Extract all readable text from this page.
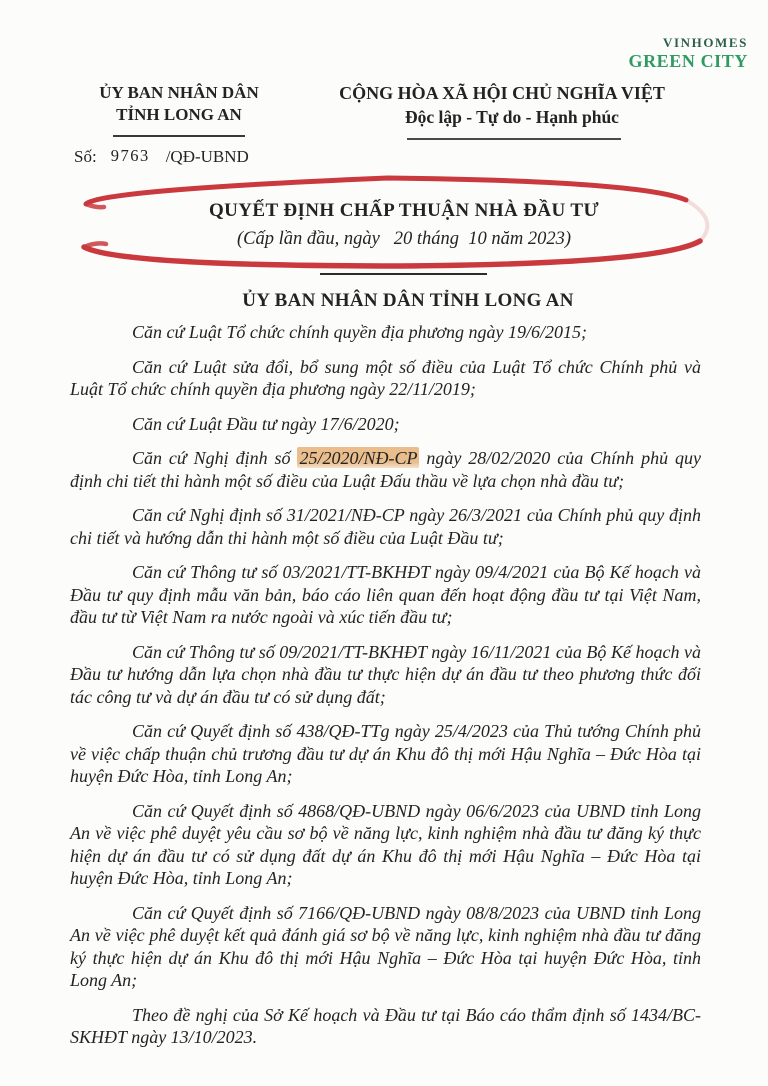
VINHOMES
GREEN CITY
ỦY BAN NHÂN DÂN
TỈNH LONG AN
Số: 9763 /QĐ-UBND
CỘNG HÒA XÃ HỘI CHỦ NGHĨA VIỆT
Độc lập - Tự do - Hạnh phúc
QUYẾT ĐỊNH CHẤP THUẬN NHÀ ĐẦU TƯ
(Cấp lần đầu, ngày   20 tháng  10 năm 2023)
ỦY BAN NHÂN DÂN TỈNH LONG AN

Căn cứ Luật Tổ chức chính quyền địa phương ngày 19/6/2015;

Căn cứ Luật sửa đổi, bổ sung một số điều của Luật Tổ chức Chính phủ và Luật Tổ chức chính quyền địa phương ngày 22/11/2019;

Căn cứ Luật Đầu tư ngày 17/6/2020;

Căn cứ Nghị định số 25/2020/NĐ-CP ngày 28/02/2020 của Chính phủ quy định chi tiết thi hành một số điều của Luật Đấu thầu về lựa chọn nhà đầu tư;

Căn cứ Nghị định số 31/2021/NĐ-CP ngày 26/3/2021 của Chính phủ quy định chi tiết và hướng dẫn thi hành một số điều của Luật Đầu tư;

Căn cứ Thông tư số 03/2021/TT-BKHĐT ngày 09/4/2021 của Bộ Kế hoạch và Đầu tư quy định mẫu văn bản, báo cáo liên quan đến hoạt động đầu tư tại Việt Nam, đầu tư từ Việt Nam ra nước ngoài và xúc tiến đầu tư;

Căn cứ Thông tư số 09/2021/TT-BKHĐT ngày 16/11/2021 của Bộ Kế hoạch và Đầu tư hướng dẫn lựa chọn nhà đầu tư thực hiện dự án đầu tư theo phương thức đối tác công tư và dự án đầu tư có sử dụng đất;

Căn cứ Quyết định số 438/QĐ-TTg ngày 25/4/2023 của Thủ tướng Chính phủ về việc chấp thuận chủ trương đầu tư dự án Khu đô thị mới Hậu Nghĩa – Đức Hòa tại huyện Đức Hòa, tỉnh Long An;

Căn cứ Quyết định số 4868/QĐ-UBND ngày 06/6/2023 của UBND tỉnh Long An về việc phê duyệt yêu cầu sơ bộ về năng lực, kinh nghiệm nhà đầu tư đăng ký thực hiện dự án đầu tư có sử dụng đất dự án Khu đô thị mới Hậu Nghĩa – Đức Hòa tại huyện Đức Hòa, tỉnh Long An;

Căn cứ Quyết định số 7166/QĐ-UBND ngày 08/8/2023 của UBND tỉnh Long An về việc phê duyệt kết quả đánh giá sơ bộ về năng lực, kinh nghiệm nhà đầu tư đăng ký thực hiện dự án Khu đô thị mới Hậu Nghĩa – Đức Hòa tại huyện Đức Hòa, tỉnh Long An;

Theo đề nghị của Sở Kế hoạch và Đầu tư tại Báo cáo thẩm định số 1434/BC-SKHĐT ngày 13/10/2023.
